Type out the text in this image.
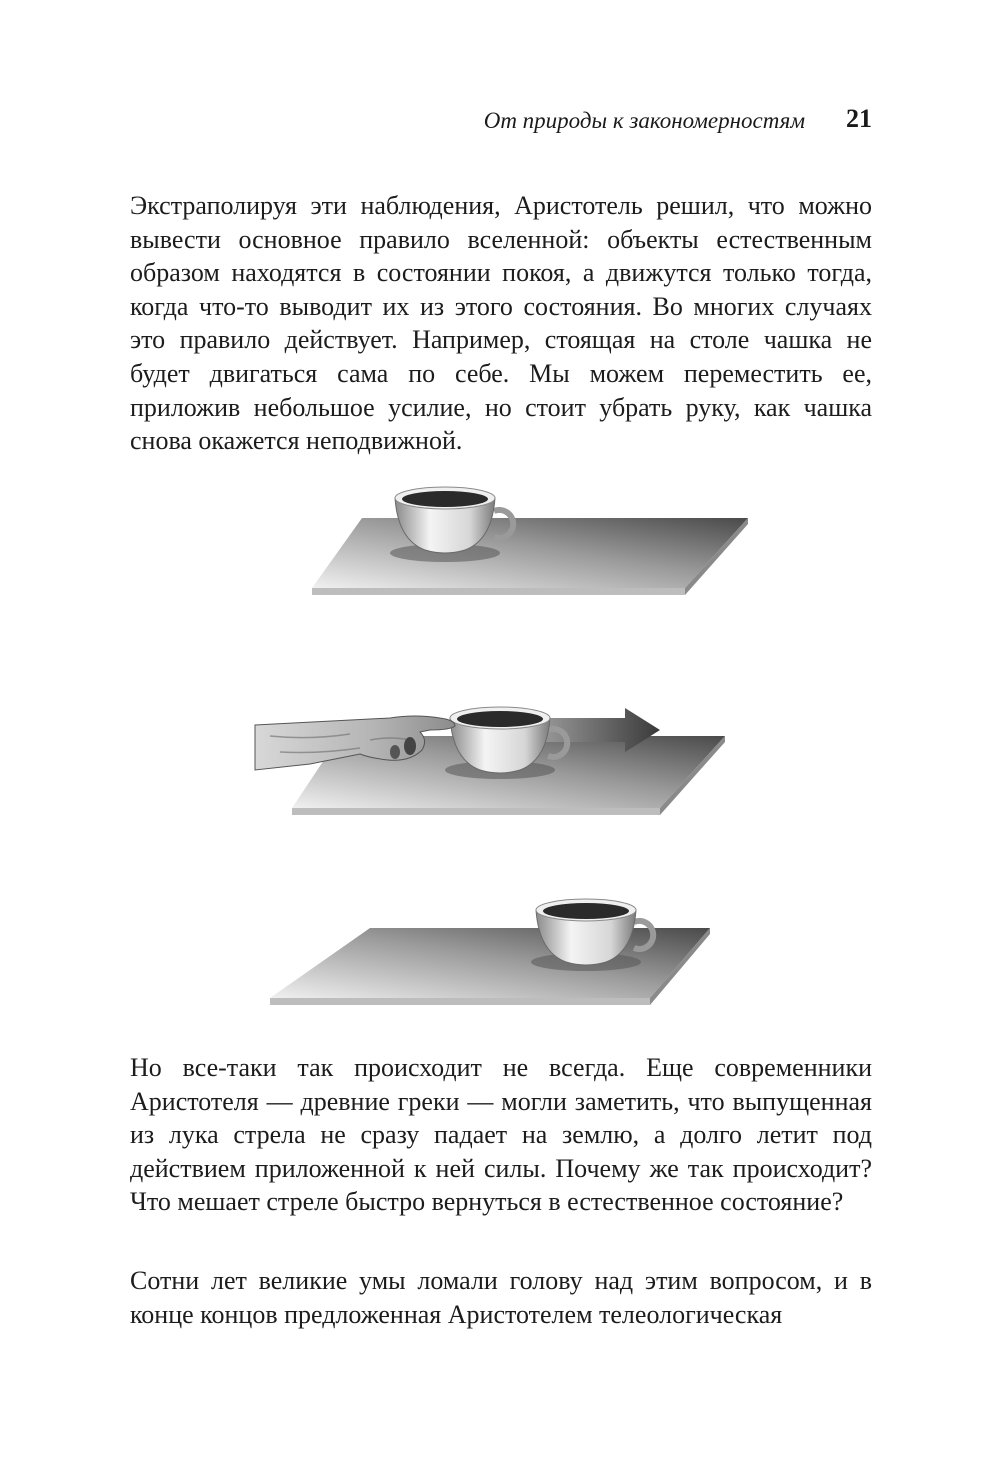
От природы к закономерностям 21

Экстраполируя эти наблюдения, Аристотель решил, что можно вывести основное правило вселенной: объекты естественным образом находятся в состоянии покоя, а движутся только тогда, когда что-то выводит их из этого состояния. Во многих случаях это правило действует. Например, стоящая на столе чашка не будет двигаться сама по себе. Мы можем переместить ее, приложив небольшое усилие, но стоит убрать руку, как чашка снова окажется неподвижной.

Но все-таки так происходит не всегда. Еще современники Аристотеля — древние греки — могли заметить, что выпущенная из лука стрела не сразу падает на землю, а долго летит под действием приложенной к ней силы. Почему же так происходит? Что мешает стреле быстро вернуться в естественное состояние?

Сотни лет великие умы ломали голову над этим вопросом, и в конце концов предложенная Аристотелем телеологическая
